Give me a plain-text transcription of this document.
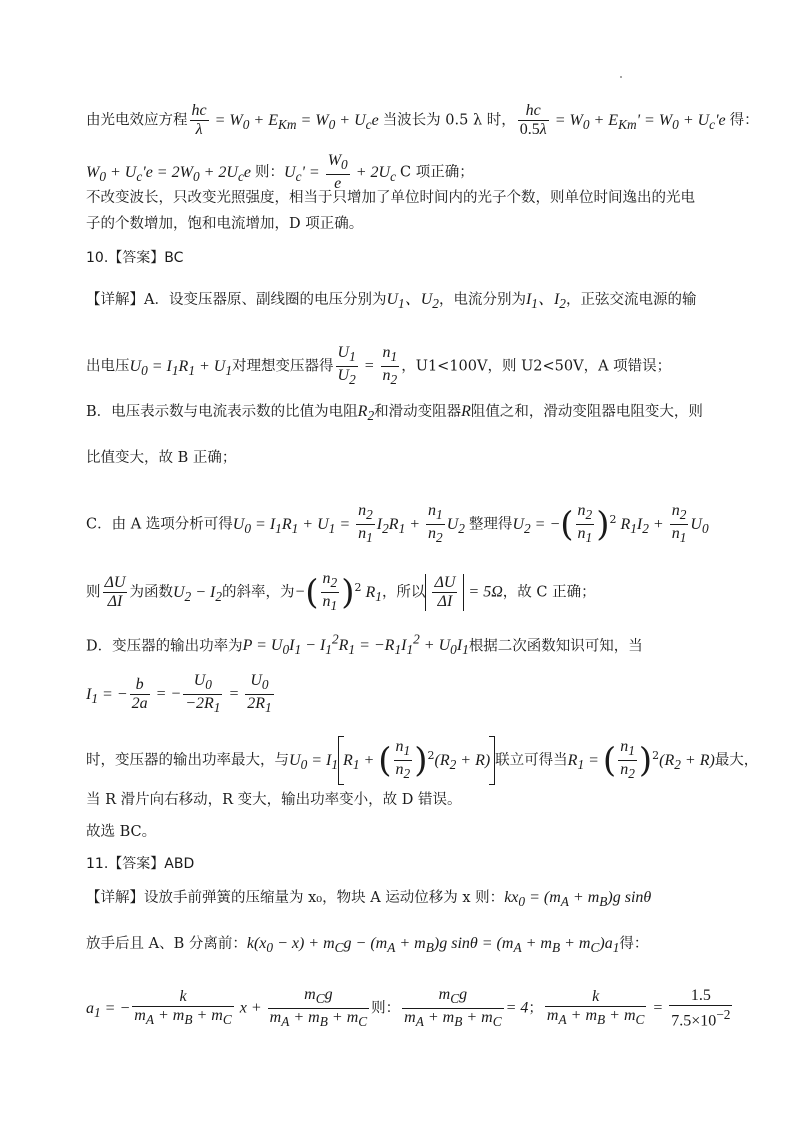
由光电效应方程 $\frac{hc}{\lambda} = W_0 + E_{Km} = W_0 + U_ce$ 当波长为 0.5 λ 时， $\frac{hc}{0.5\lambda} = W_0 + E_{Km}' = W_0 + U_c'e$ 得：
$W_0 + U_c'e = 2W_0 + 2U_ce$ 则：$U_c' = \frac{W_0}{e} + 2U_c$ C 项正确；
不改变波长，只改变光照强度，相当于只增加了单位时间内的光子个数，则单位时间逸出的光电
子的个数增加，饱和电流增加，D 项正确。
10.【答案】BC
【详解】A．设变压器原、副线圈的电压分别为$U_1$、$U_2$，电流分别为$I_1$、$I_2$，正弦交流电源的输
出电压$U_0 = I_1R_1 + U_1$对理想变压器得 $\frac{U_1}{U_2} = \frac{n_1}{n_2}$ ，U1<100V，则 U2<50V，A 项错误；
B．电压表示数与电流表示数的比值为电阻$R_2$和滑动变阻器R阻值之和，滑动变阻器电阻变大，则
比值变大，故 B 正确；
C．由 A 选项分析可得$U_0 = I_1R_1 + U_1 = \frac{n_2}{n_1} I_2R_1 + \frac{n_1}{n_2} U_2$ 整理得$U_2$ = −( $\frac{n_2}{n_1} )^2$ $R_1I_2 + \frac{n_2}{n_1} U_0$
则 $\frac{\Delta U}{\Delta I}$ 为函数$U_2 - I_2$的斜率，为−( $\frac{n_2}{n_1} )^2$ $R_1$，所以 $\frac{\Delta U}{\Delta I} = 5\Omega$，故 C 正确；
D．变压器的输出功率为$P = U_0I_1 - I_1^2R_1 = -R_1I_1^2 + U_0I_1$根据二次函数知识可知，当
$I_1$ = − $\frac{b}{2a}$ = − $\frac{U_0}{-2R_1} = \frac{U_0}{2R_1}$
时，变压器的输出功率最大，与$U_0 = I_1$ $R_1$ + ( $\frac{n_1}{n_2} )^2(R_2 + R)$ 联立可得当$R_1$ = ( $\frac{n_1}{n_2} )^2(R_2 + R)$最大，
当 R 滑片向右移动，R 变大，输出功率变小，故 D 错误。
故选 BC。
11.【答案】ABD
【详解】设放手前弹簧的压缩量为 x₀，物块 A 运动位移为 x 则：$kx_0 = (m_A + m_B)g$ sinθ
放手后且 A、B 分离前：$k(x_0 - x) + m_Cg - (m_A + m_B)g$ $\sin\theta = (m_A + m_B + m_C)a_1$得：
$a_1$ = − $\frac{k}{m_A + m_B + m_C}$ $x + \frac{m_Cg}{m_A + m_B + m_C}$ 则： $\frac{m_Cg}{m_A + m_B + m_C} = 4$； $\frac{k}{m_A + m_B + m_C} = \frac{1.5}{7.5\times 10^{-2}}$
